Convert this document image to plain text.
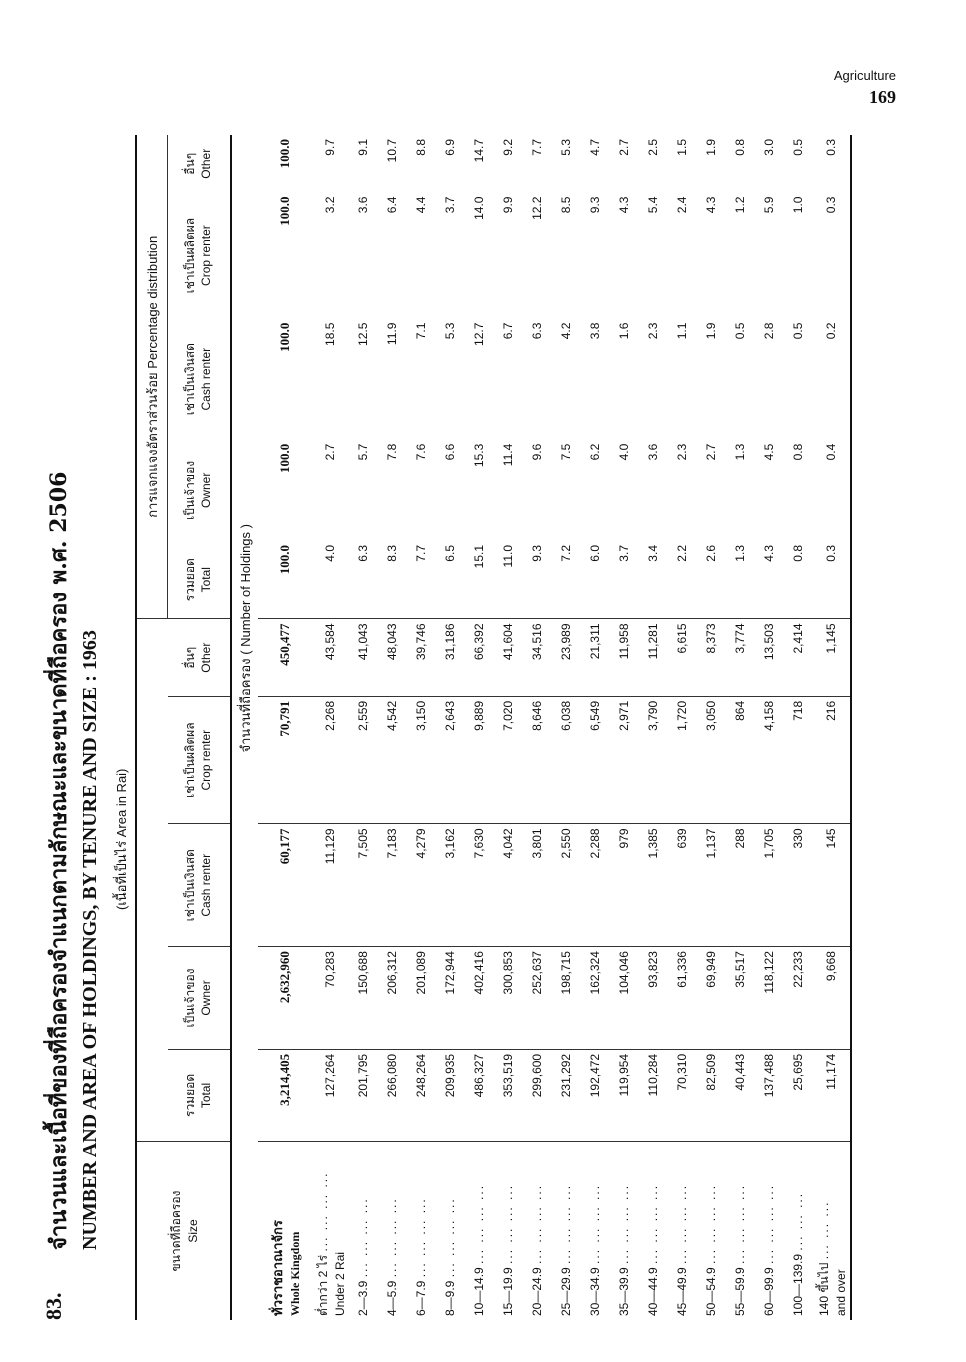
Agriculture
169
83.
จำนวนและเนื้อที่ของที่ถือครองจำแนกตามลักษณะและขนาดที่ถือครอง พ.ศ. 2506 NUMBER AND AREA OF HOLDINGS, BY TENURE AND SIZE : 1963 (เนื้อที่เป็นไร่ Area in Rai)
ขนาดที่ถือครอง Size						การแจกแจงอัตราส่วนร้อย Percentage distribution				

	รวมยอด Total	เป็นเจ้าของ Owner	เช่าเป็นเงินสด Cash renter	เช่าเป็นผลิตผล Crop renter	อื่นๆ Other	รวมยอด Total	เป็นเจ้าของ Owner	เช่าเป็นเงินสด Cash renter	เช่าเป็นผลิตผล Crop renter	อื่นๆ Other

	จำนวนที่ถือครอง ( Number of Holdings )									
ทั่วราชอาณาจักร Whole Kingdom	3,214,405	2,632,960	60,177	70,791	450,477	100.0	100.0	100.0	100.0	100.0
ต่ำกว่า 2 ไร่ ... ... ... ...
Under 2 Rai	127,264	70,283	11,129	2,268	43,584	4.0	2.7	18.5	3.2	9.7
2—3.9 ... ... ... ...	201,795	150,688	7,505	2,559	41,043	6.3	5.7	12.5	3.6	9.1
4—5.9 ... ... ... ...	266,080	206,312	7,183	4,542	48,043	8.3	7.8	11.9	6.4	10.7
6—7.9 ... ... ... ...	248,264	201,089	4,279	3,150	39,746	7.7	7.6	7.1	4.4	8.8
8—9.9 ... ... ... ...	209,935	172,944	3,162	2,643	31,186	6.5	6.6	5.3	3.7	6.9
10—14.9 ... ... ... ...	486,327	402,416	7,630	9,889	66,392	15.1	15.3	12.7	14.0	14.7
15—19.9 ... ... ... ...	353,519	300,853	4,042	7,020	41,604	11.0	11.4	6.7	9.9	9.2
20—24.9 ... ... ... ...	299,600	252,637	3,801	8,646	34,516	9.3	9.6	6.3	12.2	7.7
25—29.9 ... ... ... ...	231,292	198,715	2,550	6,038	23,989	7.2	7.5	4.2	8.5	5.3
30—34.9 ... ... ... ...	192,472	162,324	2,288	6,549	21,311	6.0	6.2	3.8	9.3	4.7
35—39.9 ... ... ... ...	119,954	104,046	979	2,971	11,958	3.7	4.0	1.6	4.3	2.7
40—44.9 ... ... ... ...	110,284	93,823	1,385	3,790	11,281	3.4	3.6	2.3	5.4	2.5
45—49.9 ... ... ... ...	70,310	61,336	639	1,720	6,615	2.2	2.3	1.1	2.4	1.5
50—54.9 ... ... ... ...	82,509	69,949	1,137	3,050	8,373	2.6	2.7	1.9	4.3	1.9
55—59.9 ... ... ... ...	40,443	35,517	288	864	3,774	1.3	1.3	0.5	1.2	0.8
60—99.9 ... ... ... ...	137,488	118,122	1,705	4,158	13,503	4.3	4.5	2.8	5.9	3.0
100—139.9 ... ... ...	25,695	22,233	330	718	2,414	0.8	0.8	0.5	1.0	0.5
140 ขึ้นไป ... ... ...
and over	11,174	9,668	145	216	1,145	0.3	0.4	0.2	0.3	0.3
